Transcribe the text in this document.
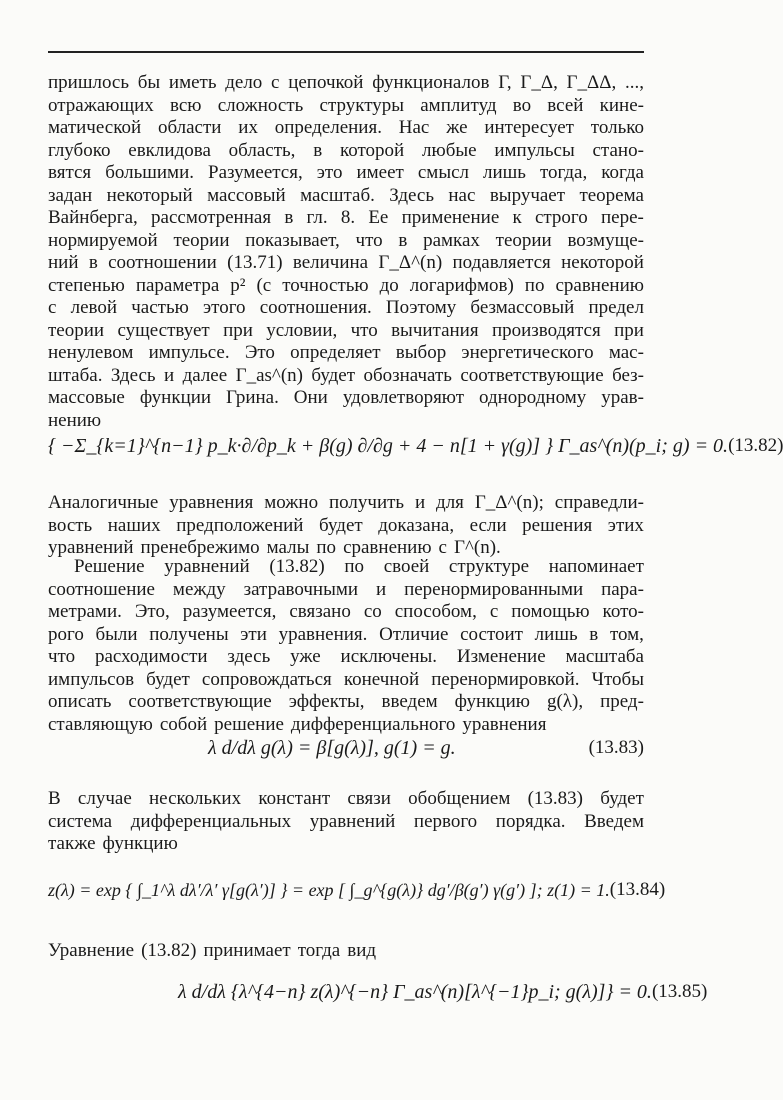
пришлось бы иметь дело с цепочкой функционалов Γ, Γ_Δ, Γ_ΔΔ, ...,
отражающих всю сложность структуры амплитуд во всей кине-
матической области их определения. Нас же интересует только
глубоко евклидова область, в которой любые импульсы стано-
вятся большими. Разумеется, это имеет смысл лишь тогда, когда
задан некоторый массовый масштаб. Здесь нас выручает теорема
Вайнберга, рассмотренная в гл. 8. Ее применение к строго пере-
нормируемой теории показывает, что в рамках теории возмуще-
ний в соотношении (13.71) величина Γ_Δ^(n) подавляется некоторой
степенью параметра p² (с точностью до логарифмов) по сравнению
с левой частью этого соотношения. Поэтому безмассовый предел
теории существует при условии, что вычитания производятся при
ненулевом импульсе. Это определяет выбор энергетического мас-
штаба. Здесь и далее Γ_as^(n) будет обозначать соответствующие без-
массовые функции Грина. Они удовлетворяют однородному урав-
нению
{ −Σ_{k=1}^{n−1} p_k·∂/∂p_k + β(g) ∂/∂g + 4 − n[1 + γ(g)] } Γ_as^(n)(p_i; g) = 0. (13.82)
Аналогичные уравнения можно получить и для Γ_Δ^(n); справедли-
вость наших предположений будет доказана, если решения этих
уравнений пренебрежимо малы по сравнению с Γ^(n).
Решение уравнений (13.82) по своей структуре напоминает
соотношение между затравочными и перенормированными пара-
метрами. Это, разумеется, связано со способом, с помощью кото-
рого были получены эти уравнения. Отличие состоит лишь в том,
что расходимости здесь уже исключены. Изменение масштаба
импульсов будет сопровождаться конечной перенормировкой. Чтобы
описать соответствующие эффекты, введем функцию g(λ), пред-
ставляющую собой решение дифференциального уравнения
λ d/dλ g(λ) = β[g(λ)], g(1) = g.	(13.83)
В случае нескольких констант связи обобщением (13.83) будет
система дифференциальных уравнений первого порядка. Введем
также функцию
z(λ) = exp { ∫_1^λ dλ′/λ′ γ[g(λ′)] } = exp [ ∫_g^{g(λ)} dg′/β(g′) γ(g′) ]; z(1) = 1. (13.84)
Уравнение (13.82) принимает тогда вид
λ d/dλ {λ^{4−n} z(λ)^{−n} Γ_as^(n)[λ^{−1}p_i; g(λ)]} = 0. (13.85)
